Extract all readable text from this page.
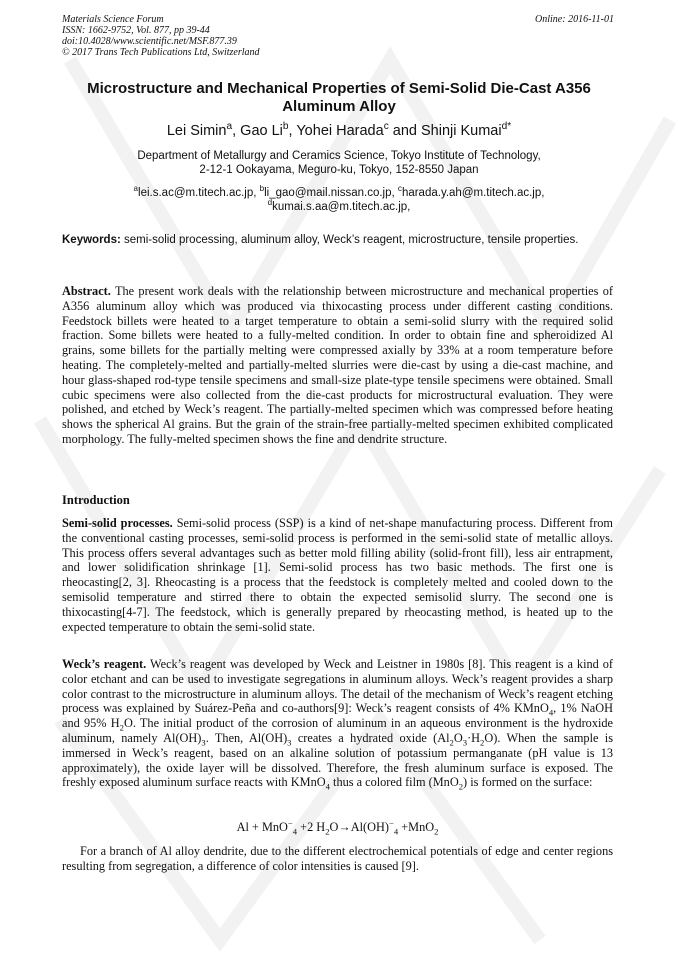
Materials Science Forum
ISSN: 1662-9752, Vol. 877, pp 39-44
doi:10.4028/www.scientific.net/MSF.877.39
© 2017 Trans Tech Publications Ltd, Switzerland
Online: 2016-11-01
Microstructure and Mechanical Properties of Semi-Solid Die-Cast A356
Aluminum Alloy
Lei Simin$^a$, Gao Li$^b$, Yohei Harada$^c$ and Shinji Kumai$^{d*}$
Department of Metallurgy and Ceramics Science, Tokyo Institute of Technology,
2-12-1 Ookayama, Meguro-ku, Tokyo, 152-8550 Japan
$^a$lei.s.ac@m.titech.ac.jp, $^b$li_gao@mail.nissan.co.jp, $^c$harada.y.ah@m.titech.ac.jp,
$^d$kumai.s.aa@m.titech.ac.jp,
Keywords: semi-solid processing, aluminum alloy, Weck’s reagent, microstructure, tensile properties.
Abstract. The present work deals with the relationship between microstructure and mechanical properties of A356 aluminum alloy which was produced via thixocasting process under different casting conditions. Feedstock billets were heated to a target temperature to obtain a semi-solid slurry with the required solid fraction. Some billets were heated to a fully-melted condition. In order to obtain fine and spheroidized Al grains, some billets for the partially melting were compressed axially by 33% at a room temperature before heating. The completely-melted and partially-melted slurries were die-cast by using a die-cast machine, and hour glass-shaped rod-type tensile specimens and small-size plate-type tensile specimens were obtained. Small cubic specimens were also collected from the die-cast products for microstructural evaluation. They were polished, and etched by Weck’s reagent. The partially-melted specimen which was compressed before heating shows the spherical Al grains. But the grain of the strain-free partially-melted specimen exhibited complicated morphology. The fully-melted specimen shows the fine and dendrite structure.
Introduction
Semi-solid processes. Semi-solid process (SSP) is a kind of net-shape manufacturing process. Different from the conventional casting processes, semi-solid process is performed in the semi-solid state of metallic alloys. This process offers several advantages such as better mold filling ability (solid-front fill), less air entrapment, and lower solidification shrinkage [1]. Semi-solid process has two basic methods. The first one is rheocasting[2, 3]. Rheocasting is a process that the feedstock is completely melted and cooled down to the semisolid temperature and stirred there to obtain the expected semisolid slurry. The second one is thixocasting[4-7]. The feedstock, which is generally prepared by rheocasting method, is heated up to the expected temperature to obtain the semi-solid state.
Weck’s reagent. Weck’s reagent was developed by Weck and Leistner in 1980s [8]. This reagent is a kind of color etchant and can be used to investigate segregations in aluminum alloys. Weck’s reagent provides a sharp color contrast to the microstructure in aluminum alloys. The detail of the mechanism of Weck’s reagent etching process was explained by Suárez-Peña and co-authors[9]: Weck’s reagent consists of 4% KMnO$_4$, 1% NaOH and 95% $H_2O$. The initial product of the corrosion of aluminum in an aqueous environment is the hydroxide aluminum, namely $Al(OH)_3$. Then, $Al(OH)_3$ creates a hydrated oxide $(Al_2O_3\cdot H_2O)$. When the sample is immersed in Weck’s reagent, based on an alkaline solution of potassium permanganate (pH value is 13 approximately), the oxide layer will be dissolved. Therefore, the fresh aluminum surface is exposed. The freshly exposed aluminum surface reacts with KMnO$_4$ thus a colored film (MnO$_2$) is formed on the surface:
Al + MnO−$_4$ +2 $H_2O\to Al(OH)^-_4 +MnO_2$
For a branch of Al alloy dendrite, due to the different electrochemical potentials of edge and center regions resulting from segregation, a difference of color intensities is caused [9].
